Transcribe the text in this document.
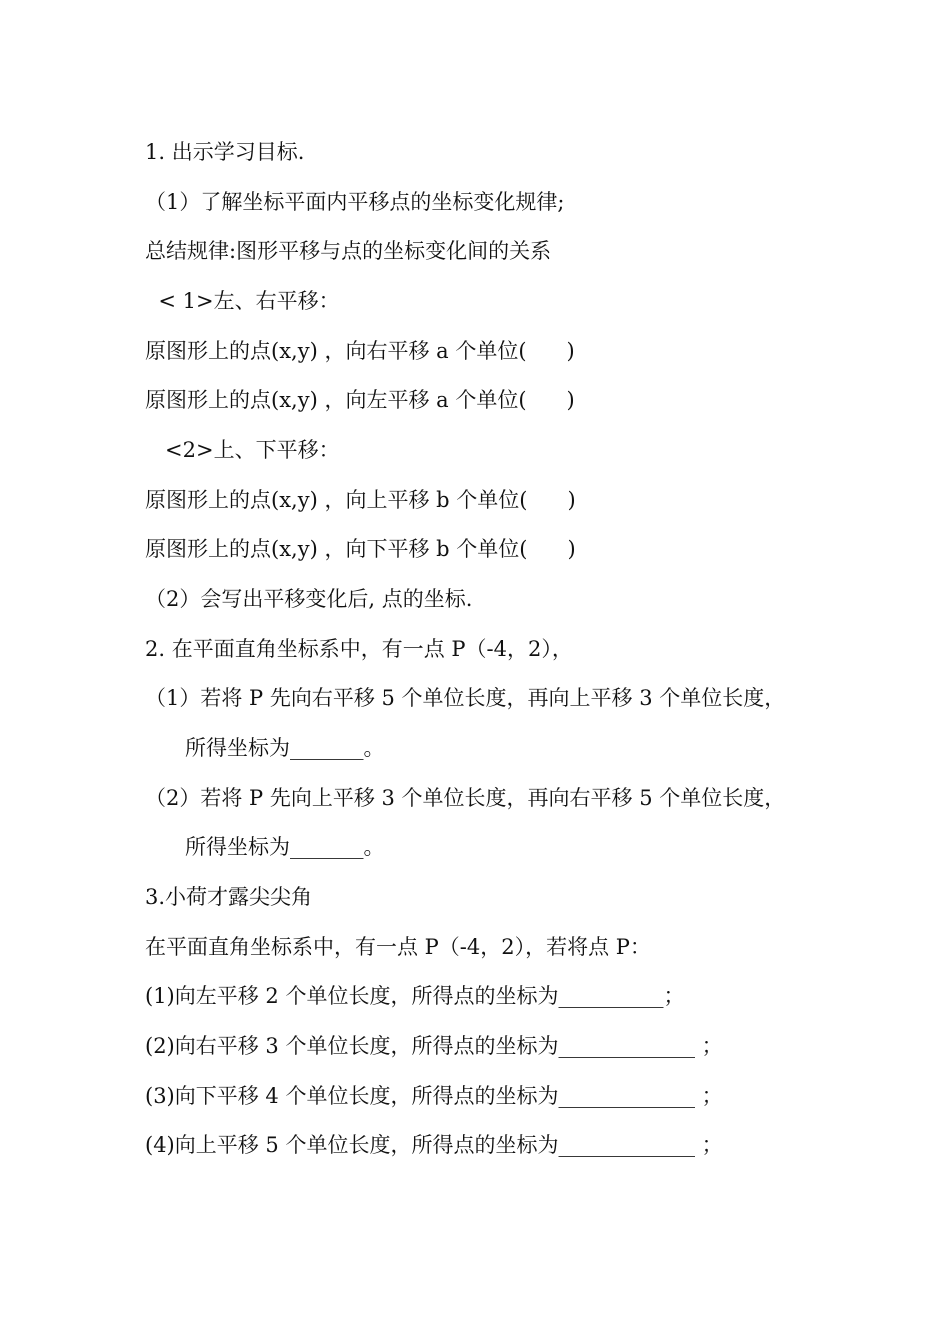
1. 出示学习目标.
（1）了解坐标平面内平移点的坐标变化规律;
总结规律:图形平移与点的坐标变化间的关系
< 1>左、右平移：
原图形上的点(x,y) ，向右平移 a 个单位(      )
原图形上的点(x,y) ，向左平移 a 个单位(      )
<2>上、下平移：
原图形上的点(x,y) ，向上平移 b 个单位(      )
原图形上的点(x,y) ，向下平移 b 个单位(      )
（2）会写出平移变化后, 点的坐标.
2. 在平面直角坐标系中，有一点 P（-4，2），
（1）若将 P 先向右平移 5 个单位长度，再向上平移 3 个单位长度，
所得坐标为_______。
（2）若将 P 先向上平移 3 个单位长度，再向右平移 5 个单位长度，
所得坐标为_______。
3.小荷才露尖尖角
在平面直角坐标系中，有一点 P（-4，2），若将点 P：
(1)向左平移 2 个单位长度，所得点的坐标为__________；
(2)向右平移 3 个单位长度，所得点的坐标为_____________ ；
(3)向下平移 4 个单位长度，所得点的坐标为_____________ ；
(4)向上平移 5 个单位长度，所得点的坐标为_____________ ；
